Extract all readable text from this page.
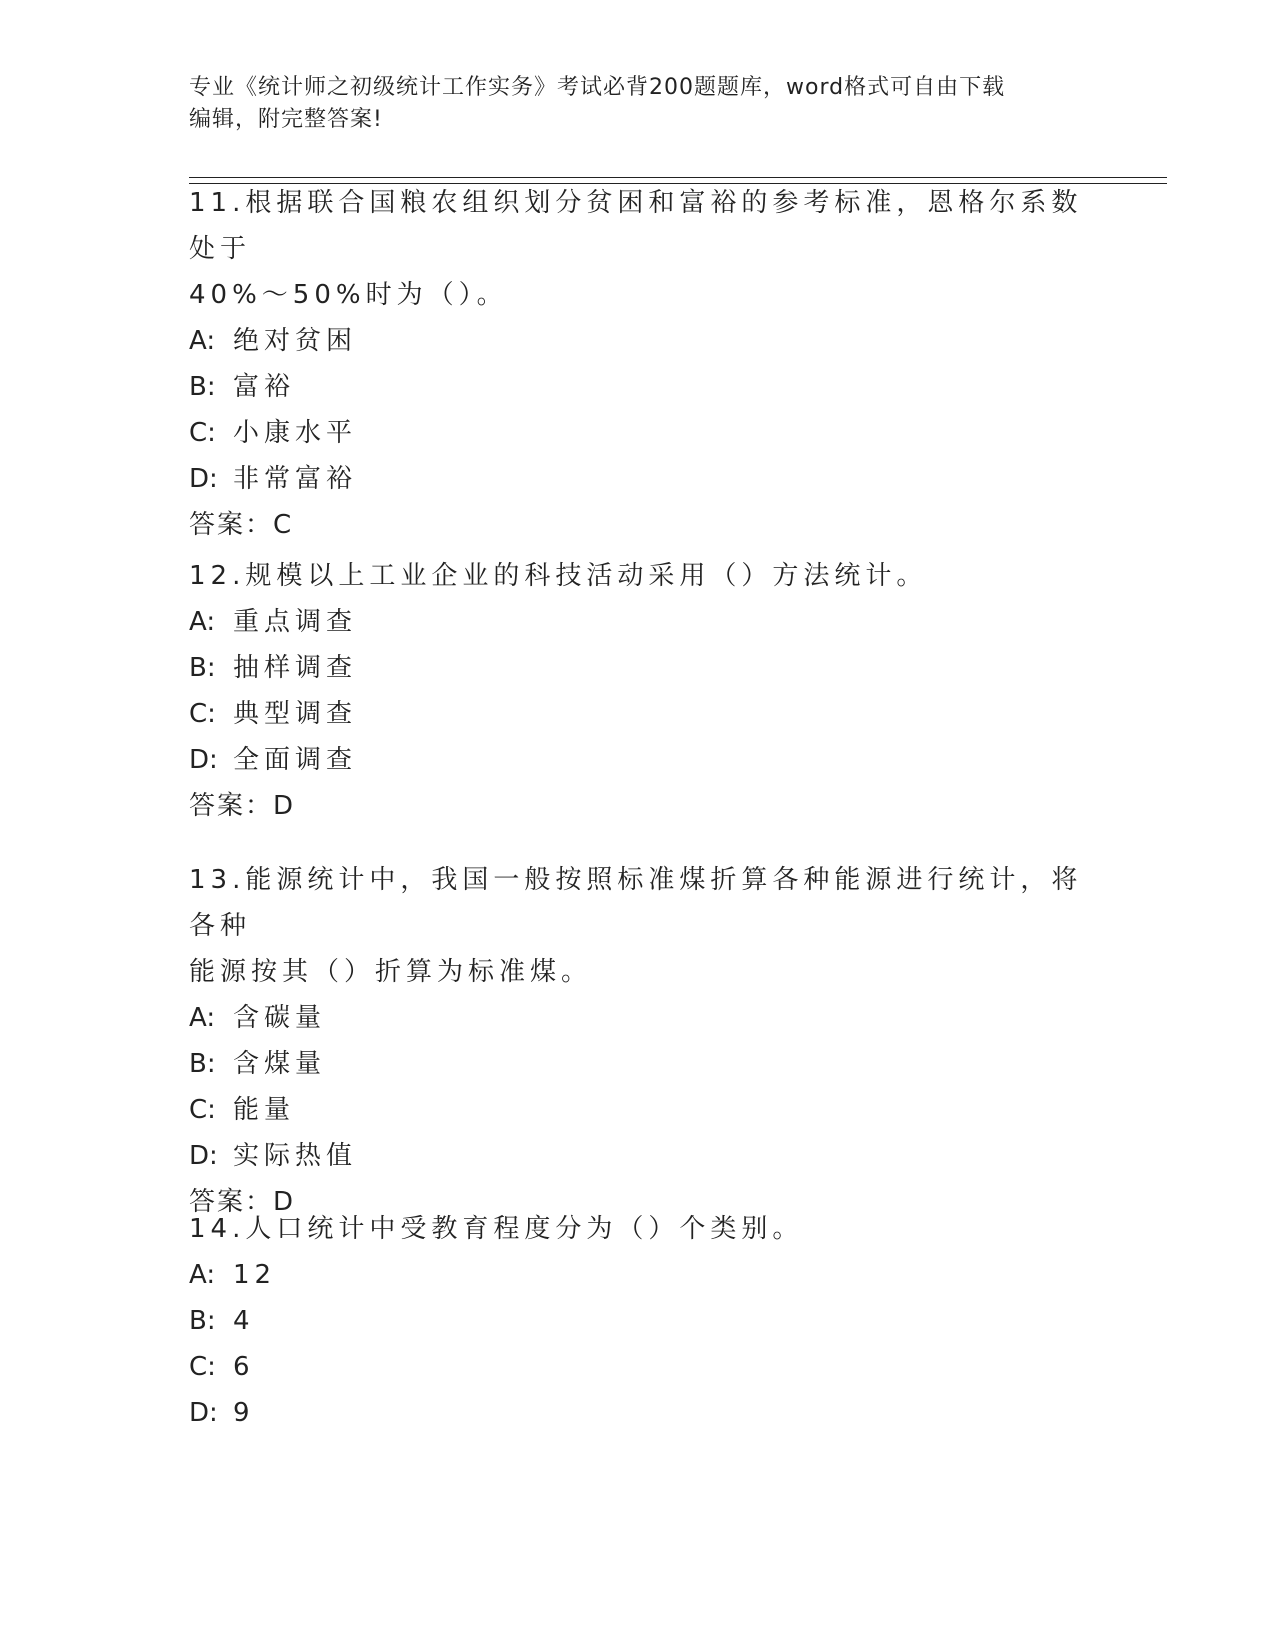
专业《统计师之初级统计工作实务》考试必背200题题库，word格式可自由下载
编辑，附完整答案!

11.根据联合国粮农组织划分贫困和富裕的参考标准，恩格尔系数处于

40%～50%时为（）。

A: 绝对贫困

B: 富裕

C: 小康水平

D: 非常富裕

答案：C

12.规模以上工业企业的科技活动采用（）方法统计。

A: 重点调查

B: 抽样调查

C: 典型调查

D: 全面调查

答案：D

13.能源统计中，我国一般按照标准煤折算各种能源进行统计，将各种

能源按其（）折算为标准煤。

A: 含碳量

B: 含煤量

C: 能量

D: 实际热值

答案：D

14.人口统计中受教育程度分为（）个类别。

A: 12

B: 4

C: 6

D: 9
